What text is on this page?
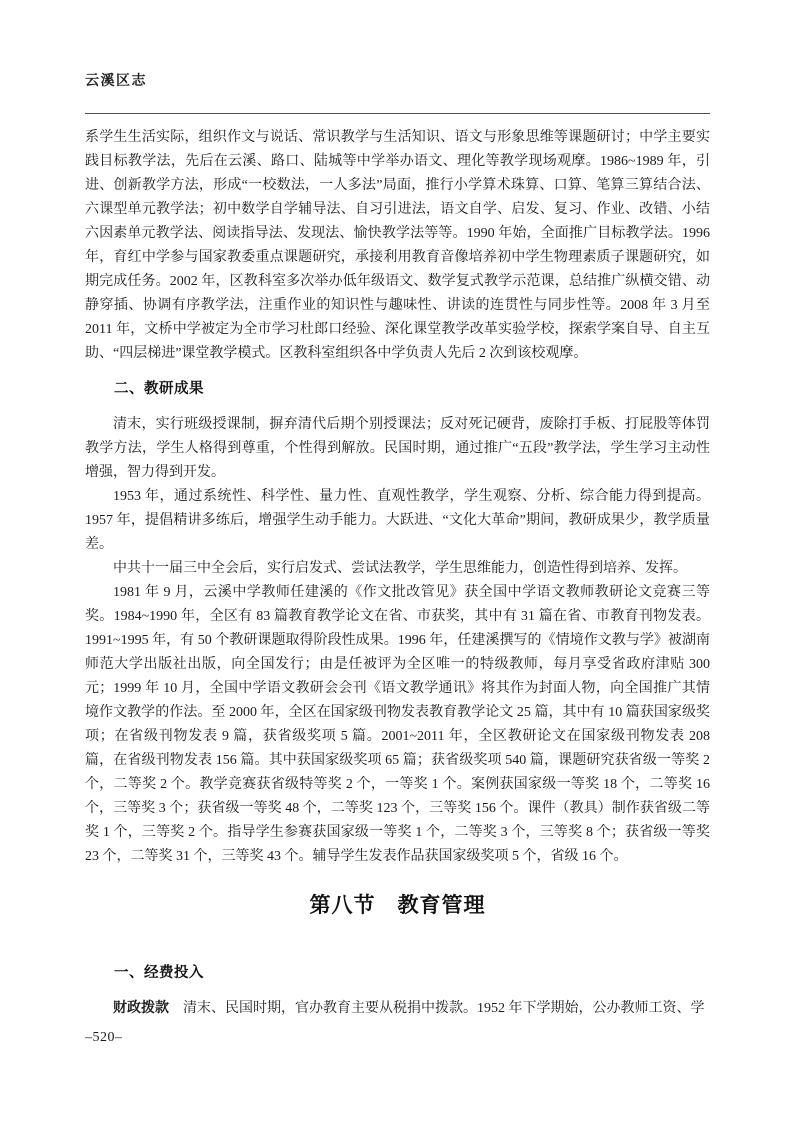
云溪区志

系学生生活实际，组织作文与说话、常识教学与生活知识、语文与形象思维等课题研讨；中学主要实践目标教学法，先后在云溪、路口、陆城等中学举办语文、理化等教学现场观摩。1986~1989 年，引进、创新教学方法，形成“一校数法，一人多法”局面，推行小学算术珠算、口算、笔算三算结合法、六课型单元教学法；初中数学自学辅导法、自习引进法，语文自学、启发、复习、作业、改错、小结六因素单元教学法、阅读指导法、发现法、愉快教学法等等。1990 年始，全面推广目标教学法。1996 年，育红中学参与国家教委重点课题研究，承接利用教育音像培养初中学生物理素质子课题研究，如期完成任务。2002 年，区教科室多次举办低年级语文、数学复式教学示范课，总结推广纵横交错、动静穿插、协调有序教学法，注重作业的知识性与趣味性、讲读的连贯性与同步性等。2008 年 3 月至 2011 年，文桥中学被定为全市学习杜郎口经验、深化课堂教学改革实验学校，探索学案自导、自主互助、“四层梯进”课堂教学模式。区教科室组织各中学负责人先后 2 次到该校观摩。

二、教研成果

清末，实行班级授课制，摒弃清代后期个别授课法；反对死记硬背，废除打手板、打屁股等体罚教学方法，学生人格得到尊重，个性得到解放。民国时期，通过推广“五段”教学法，学生学习主动性增强，智力得到开发。

1953 年，通过系统性、科学性、量力性、直观性教学，学生观察、分析、综合能力得到提高。1957 年，提倡精讲多练后，增强学生动手能力。大跃进、“文化大革命”期间，教研成果少，教学质量差。

中共十一届三中全会后，实行启发式、尝试法教学，学生思维能力，创造性得到培养、发挥。

1981 年 9 月，云溪中学教师任建溪的《作文批改管见》获全国中学语文教师教研论文竞赛三等奖。1984~1990 年，全区有 83 篇教育教学论文在省、市获奖，其中有 31 篇在省、市教育刊物发表。1991~1995 年，有 50 个教研课题取得阶段性成果。1996 年，任建溪撰写的《情境作文教与学》被湖南师范大学出版社出版，向全国发行；由是任被评为全区唯一的特级教师，每月享受省政府津贴 300 元；1999 年 10 月，全国中学语文教研会会刊《语文教学通讯》将其作为封面人物，向全国推广其情境作文教学的作法。至 2000 年，全区在国家级刊物发表教育教学论文 25 篇，其中有 10 篇获国家级奖项；在省级刊物发表 9 篇，获省级奖项 5 篇。2001~2011 年，全区教研论文在国家级刊物发表 208 篇，在省级刊物发表 156 篇。其中获国家级奖项 65 篇；获省级奖项 540 篇，课题研究获省级一等奖 2 个，二等奖 2 个。教学竞赛获省级特等奖 2 个，一等奖 1 个。案例获国家级一等奖 18 个，二等奖 16 个，三等奖 3 个；获省级一等奖 48 个，二等奖 123 个，三等奖 156 个。课件（教具）制作获省级二等奖 1 个，三等奖 2 个。指导学生参赛获国家级一等奖 1 个，二等奖 3 个，三等奖 8 个；获省级一等奖 23 个，二等奖 31 个，三等奖 43 个。辅导学生发表作品获国家级奖项 5 个，省级 16 个。

第八节　教育管理
一、经费投入

财政拨款 清末、民国时期，官办教育主要从税捐中拨款。1952 年下学期始，公办教师工资、学

–520–
